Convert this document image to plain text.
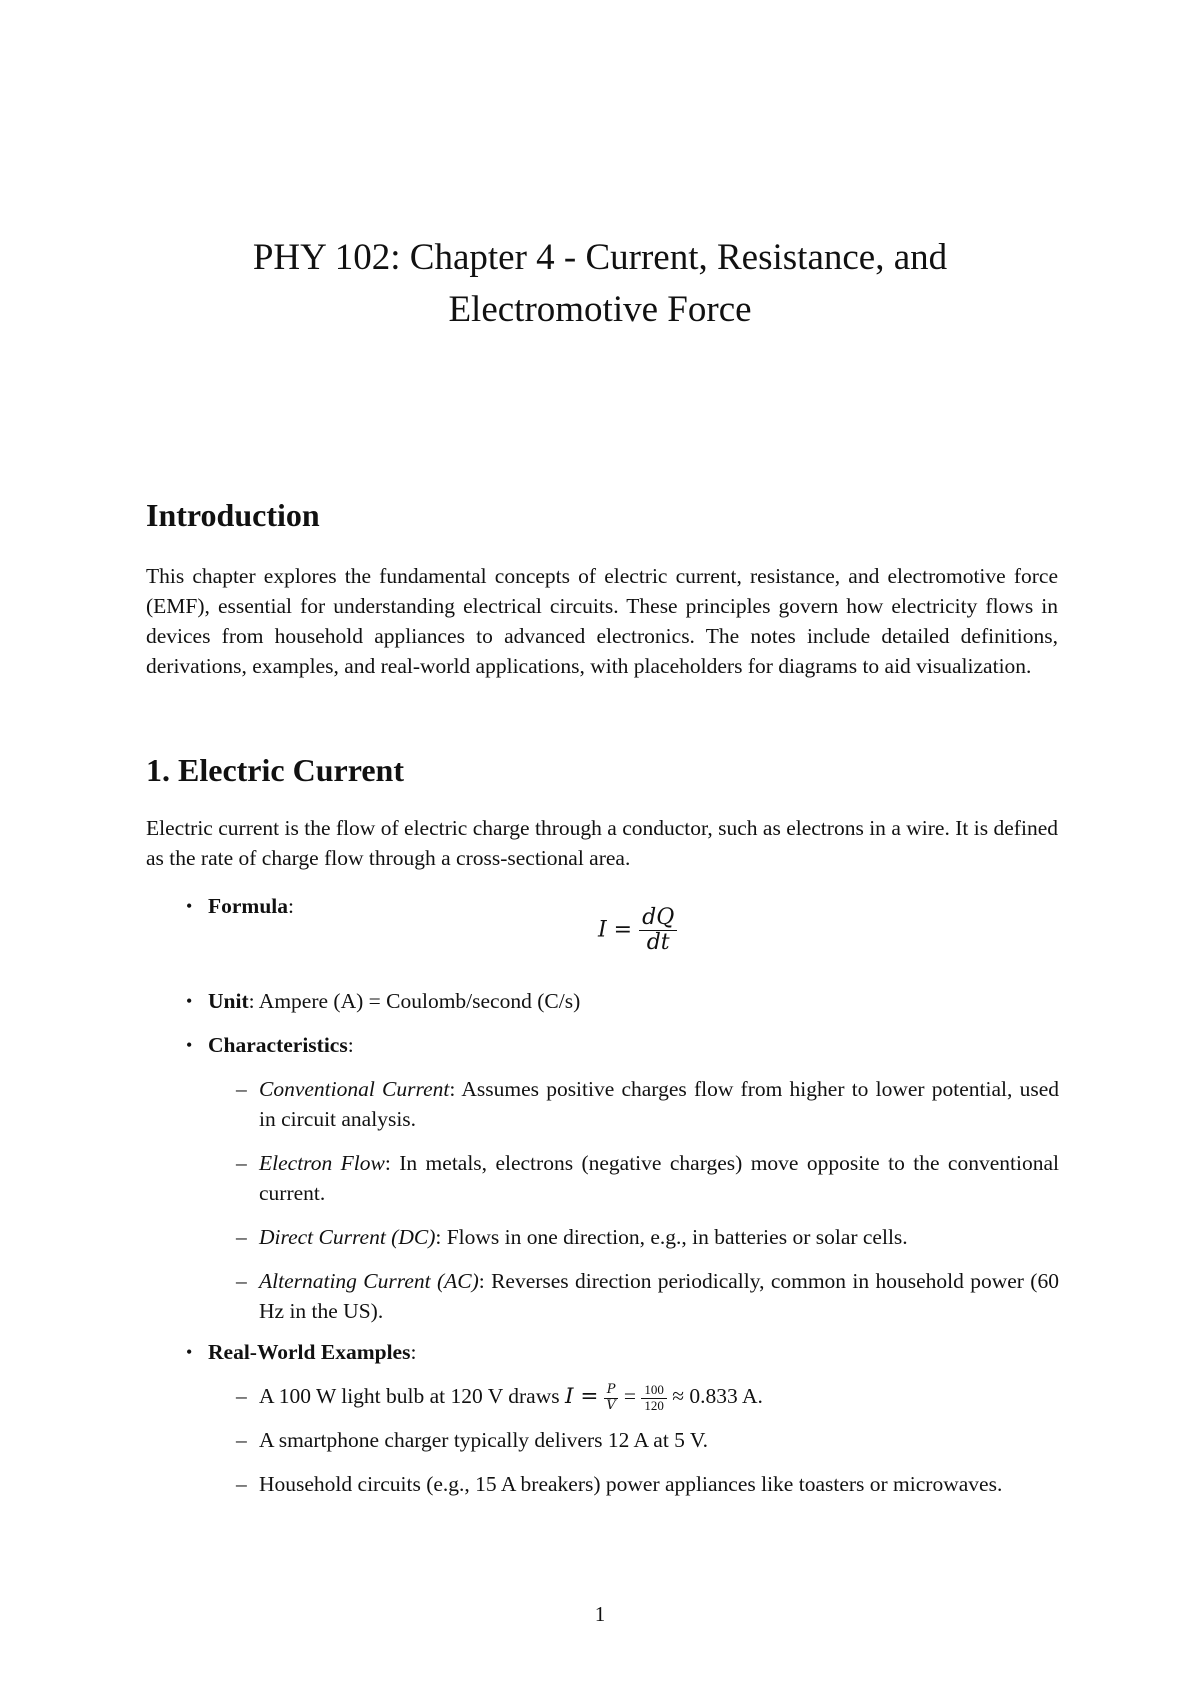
PHY 102: Chapter 4 - Current, Resistance, and
Electromotive Force
Introduction

This chapter explores the fundamental concepts of electric current, resistance, and electromotive force (EMF), essential for understanding electrical circuits. These principles govern how electricity flows in devices from household appliances to advanced electronics. The notes include detailed definitions, derivations, examples, and real-world applications, with placeholders for diagrams to aid visualization.

1. Electric Current

Electric current is the flow of electric charge through a conductor, such as electrons in a wire. It is defined as the rate of charge flow through a cross-sectional area.

• Formula:
$I = \frac{dQ}{dt}$
• Unit: Ampere (A) = Coulomb/second (C/s)
• Characteristics:
– Conventional Current: Assumes positive charges flow from higher to lower potential, used in circuit analysis.
– Electron Flow: In metals, electrons (negative charges) move opposite to the conventional current.
– Direct Current (DC): Flows in one direction, e.g., in batteries or solar cells.
– Alternating Current (AC): Reverses direction periodically, common in household power (60 Hz in the US).
• Real-World Examples:
– A 100 W light bulb at 120 V draws $I = \frac{P}{V} = \frac{100}{120} \approx 0.833$ A.
– A smartphone charger typically delivers 12 A at 5 V.
– Household circuits (e.g., 15 A breakers) power appliances like toasters or microwaves.
1
